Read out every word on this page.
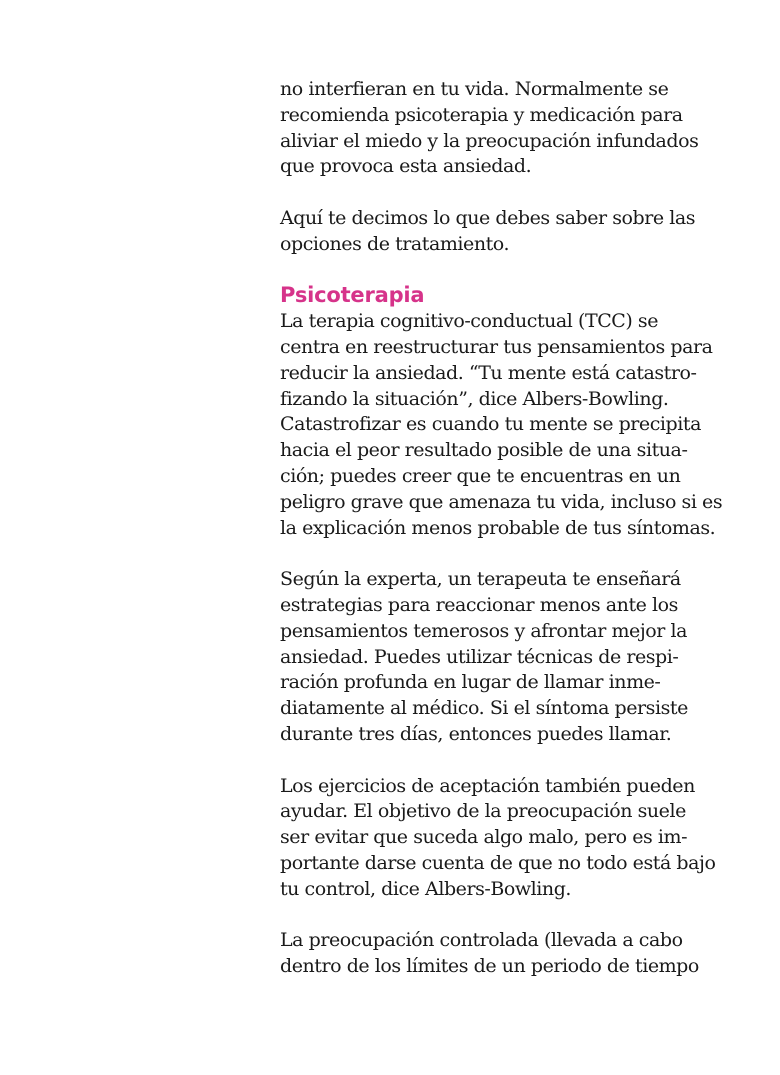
no interfieran en tu vida. Normalmente se
recomienda psicoterapia y medicación para
aliviar el miedo y la preocupación infundados
que provoca esta ansiedad.

Aquí te decimos lo que debes saber sobre las
opciones de tratamiento.

Psicoterapia

La terapia cognitivo-conductual (TCC) se
centra en reestructurar tus pensamientos para
reducir la ansiedad. “Tu mente está catastro-
fizando la situación”, dice Albers-Bowling.
Catastrofizar es cuando tu mente se precipita
hacia el peor resultado posible de una situa-
ción; puedes creer que te encuentras en un
peligro grave que amenaza tu vida, incluso si es
la explicación menos probable de tus síntomas.

Según la experta, un terapeuta te enseñará
estrategias para reaccionar menos ante los
pensamientos temerosos y afrontar mejor la
ansiedad. Puedes utilizar técnicas de respi-
ración profunda en lugar de llamar inme-
diatamente al médico. Si el síntoma persiste
durante tres días, entonces puedes llamar.

Los ejercicios de aceptación también pueden
ayudar. El objetivo de la preocupación suele
ser evitar que suceda algo malo, pero es im-
portante darse cuenta de que no todo está bajo
tu control, dice Albers-Bowling.

La preocupación controlada (llevada a cabo
dentro de los límites de un periodo de tiempo
